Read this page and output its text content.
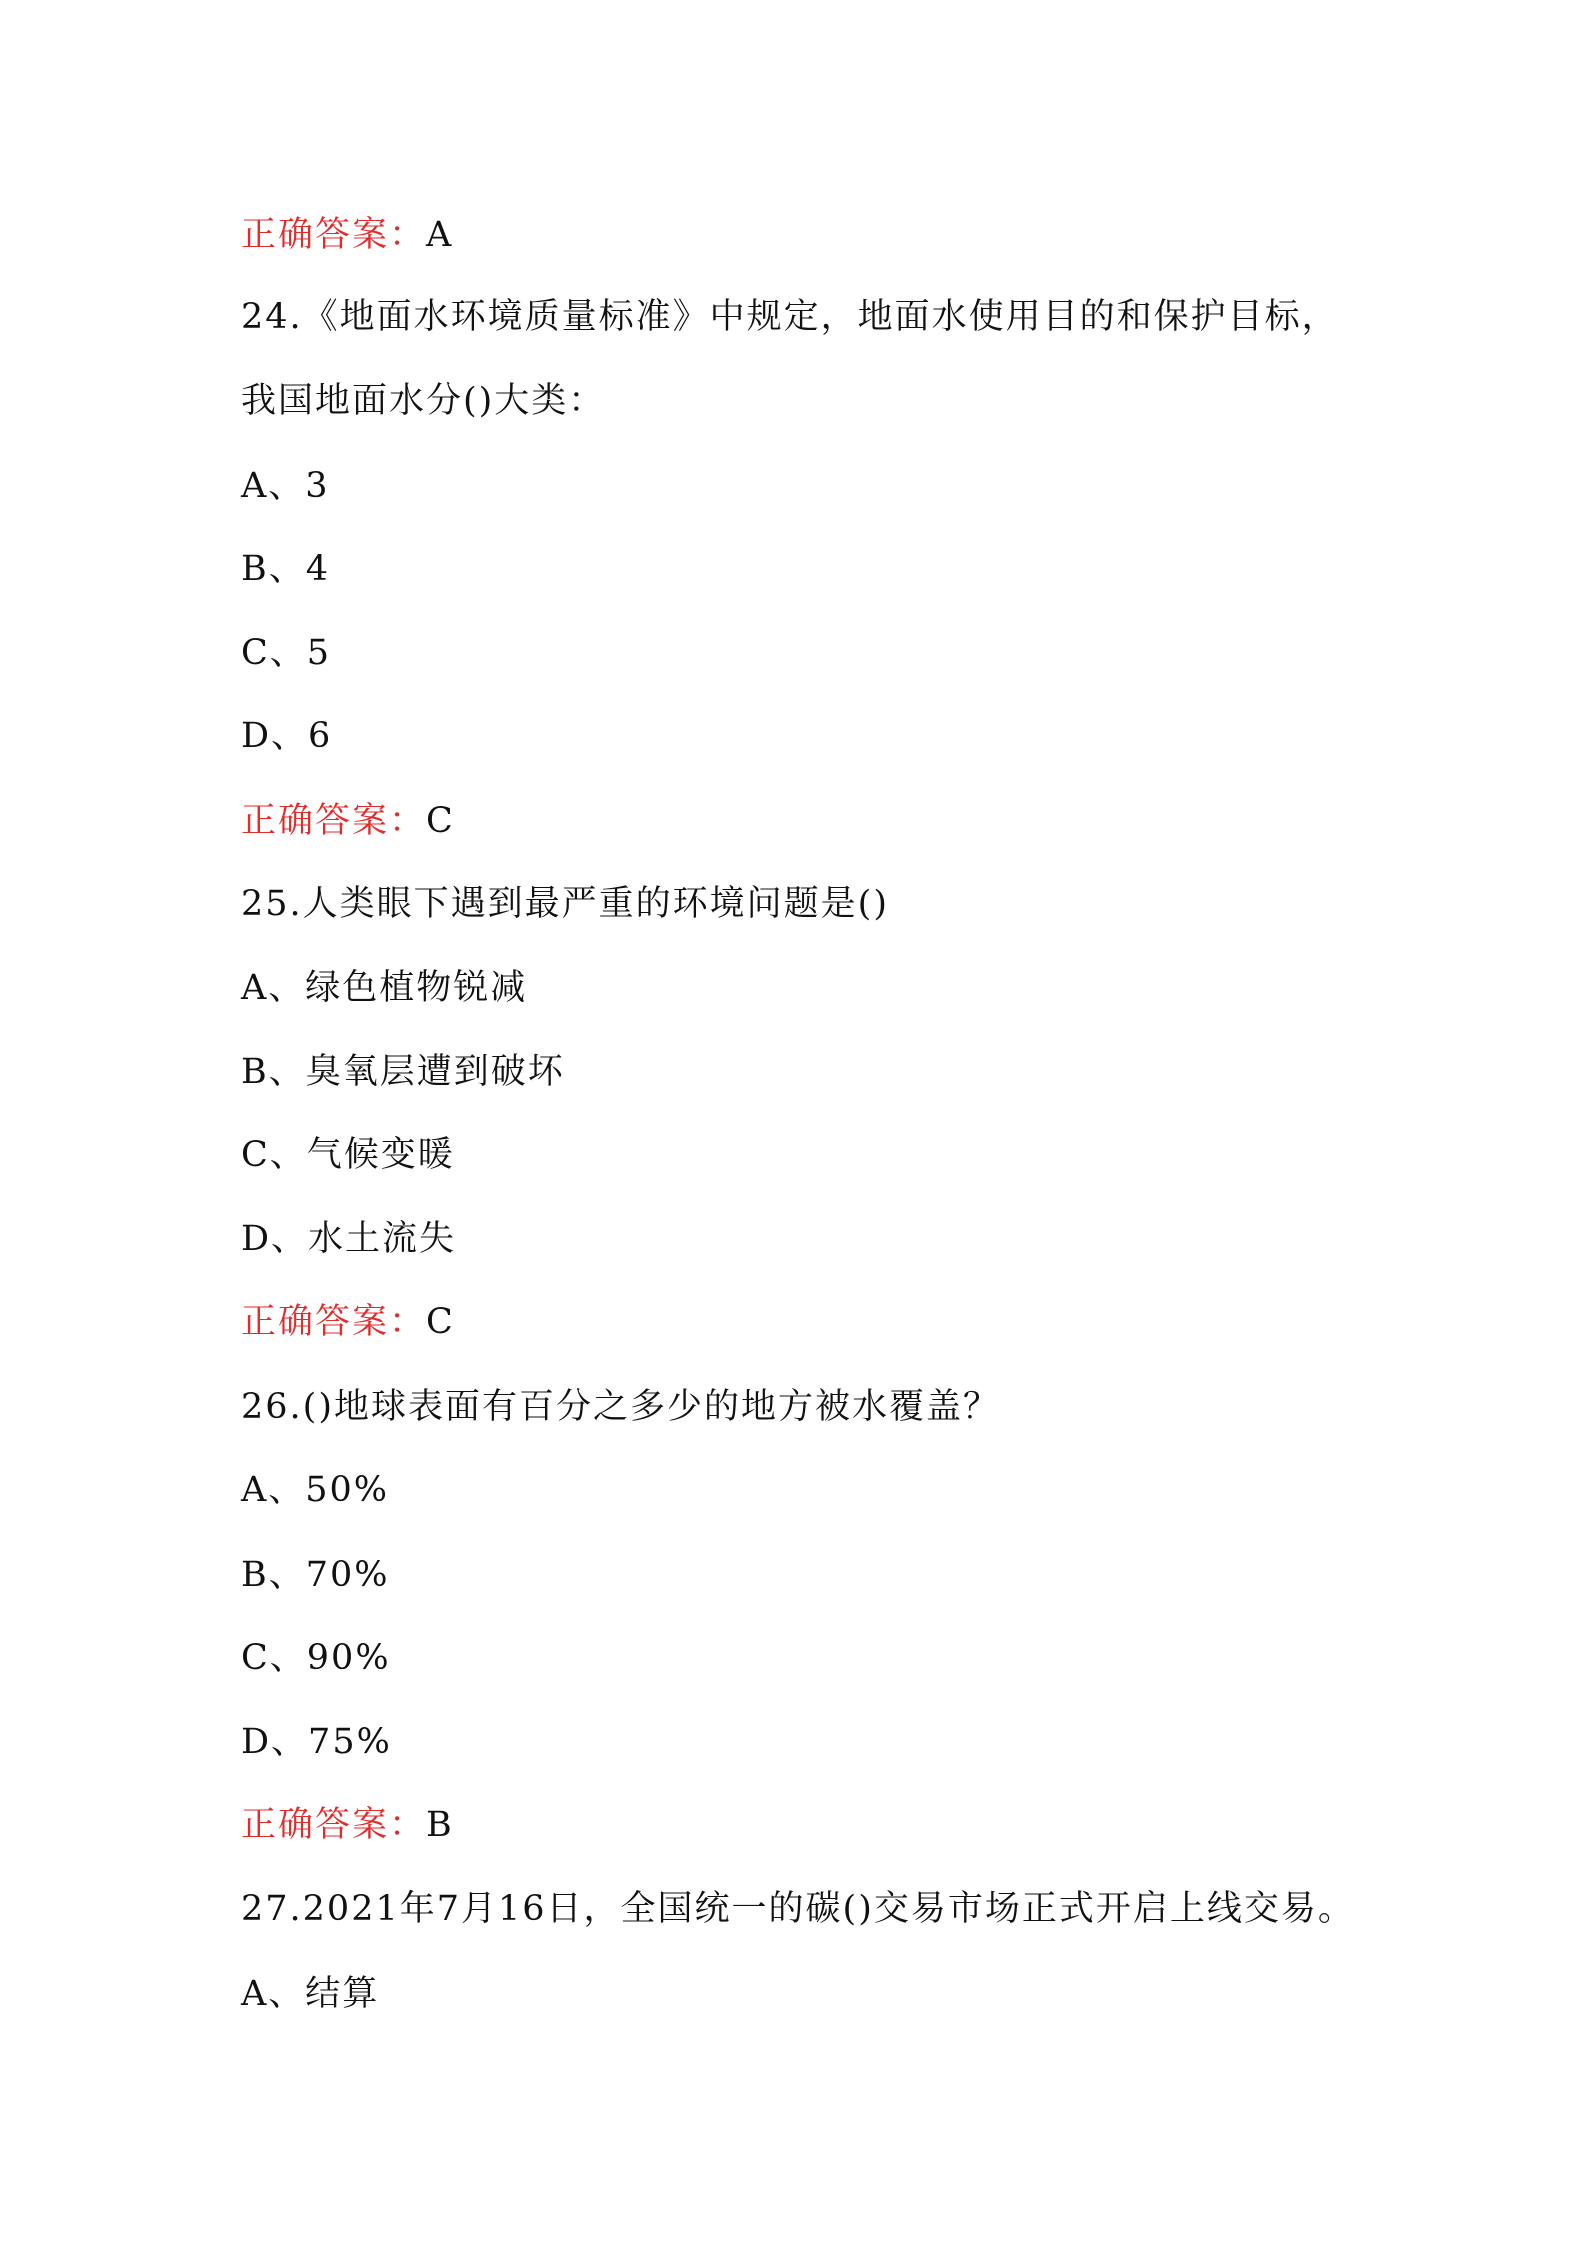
正确答案：A
24.《地面水环境质量标准》中规定，地面水使用目的和保护目标，
我国地面水分()大类：
A、3
B、4
C、5
D、6
正确答案：C
25.人类眼下遇到最严重的环境问题是()
A、绿色植物锐减
B、臭氧层遭到破坏
C、气候变暖
D、水土流失
正确答案：C
26.()地球表面有百分之多少的地方被水覆盖？
A、50%
B、70%
C、90%
D、75%
正确答案：B
27.2021年7月16日，全国统一的碳()交易市场正式开启上线交易。
A、结算
